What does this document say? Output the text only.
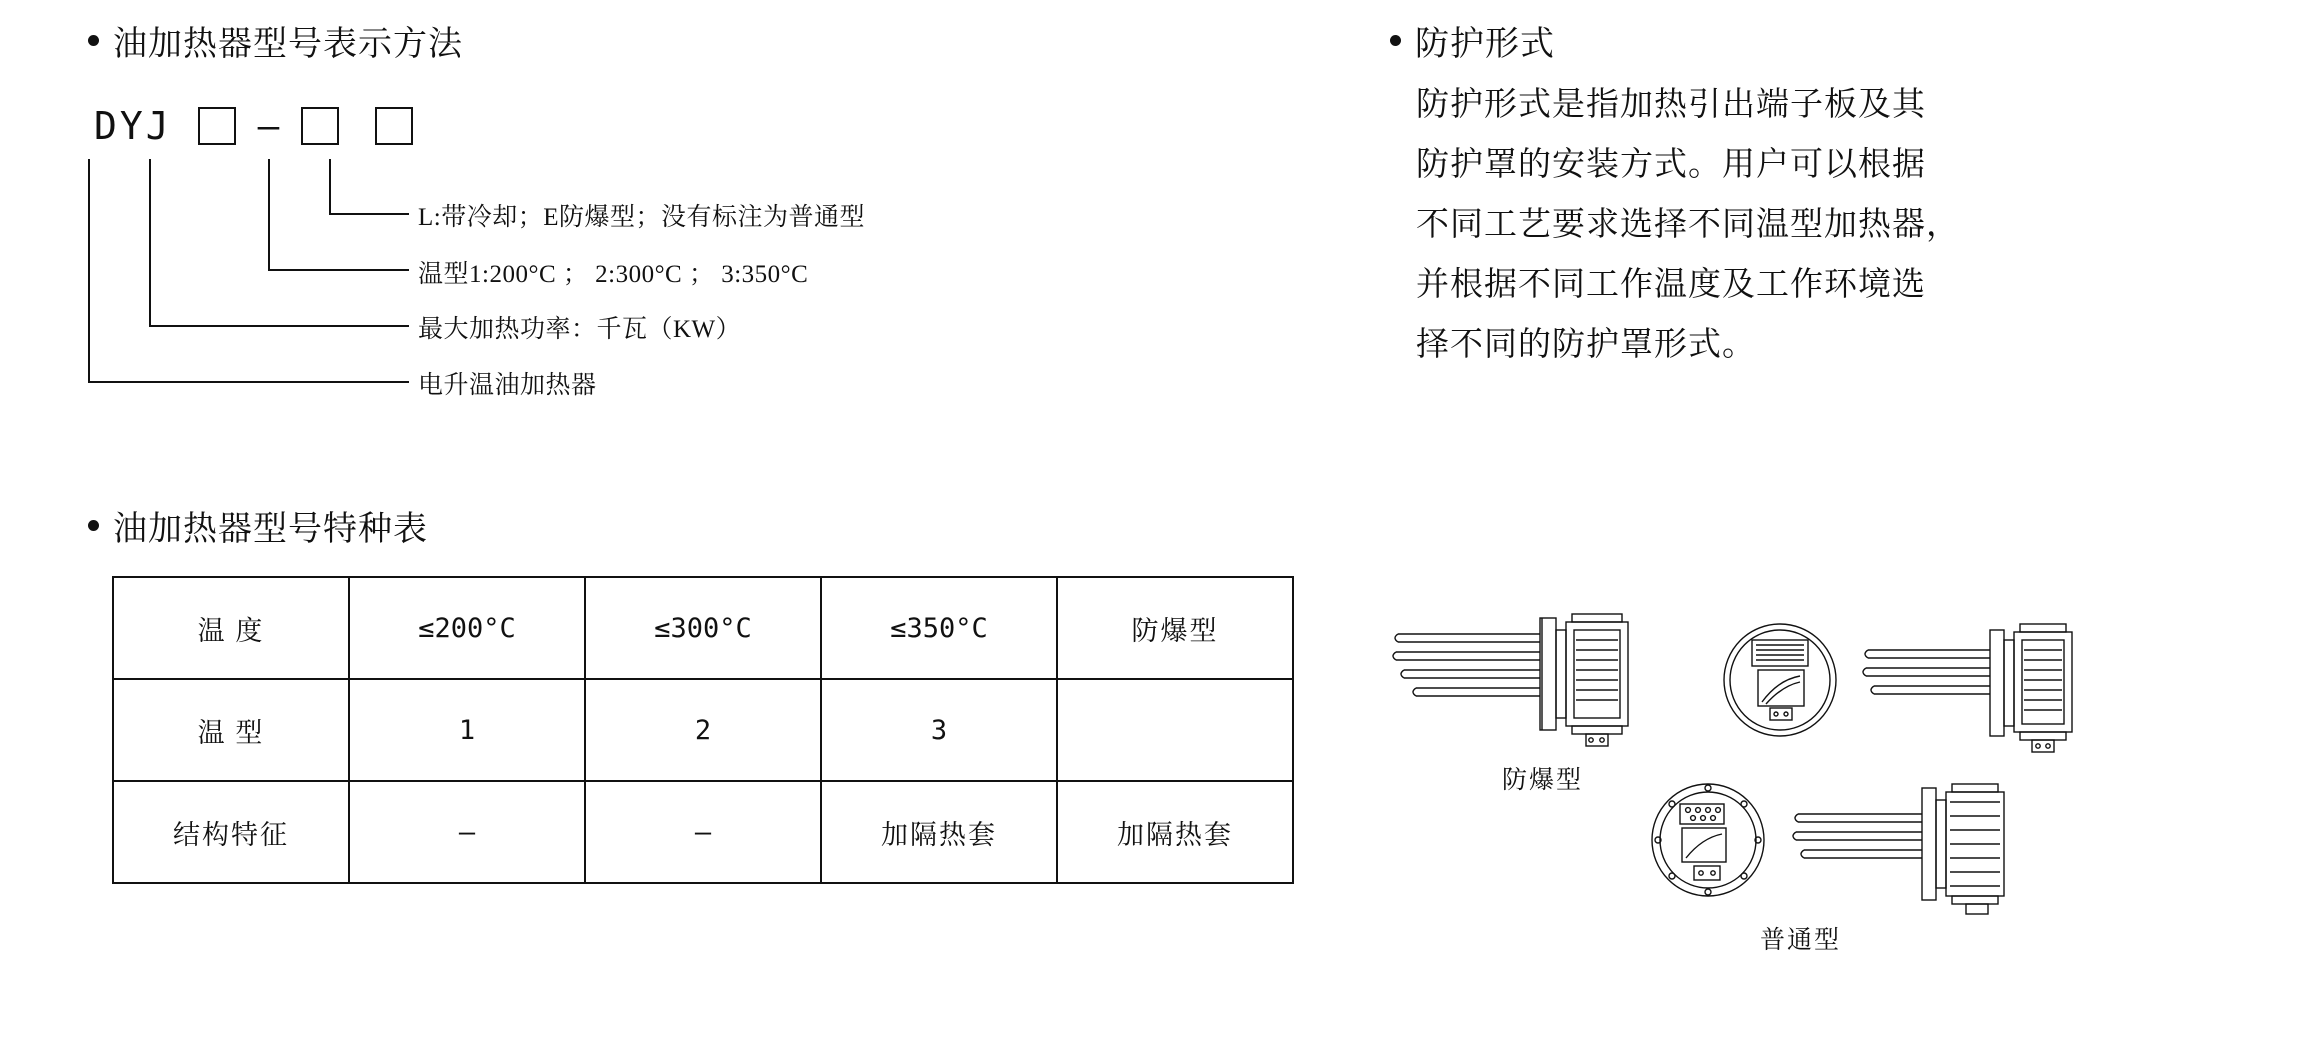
油加热器型号表示方法
DYJ —
L:带冷却；E防爆型；没有标注为普通型
温型1:200°C ； 2:300°C ； 3:350°C
最大加热功率：千瓦（KW）
电升温油加热器
油加热器型号特种表
温 度	≤200°C	≤300°C	≤350°C	防爆型
温 型	1	2	3	
结构特征	–	–	加隔热套	加隔热套
防护形式
防护形式是指加热引出端子板及其
防护罩的安装方式。用户可以根据
不同工艺要求选择不同温型加热器，
并根据不同工作温度及工作环境选
择不同的防护罩形式。
防爆型
普通型
